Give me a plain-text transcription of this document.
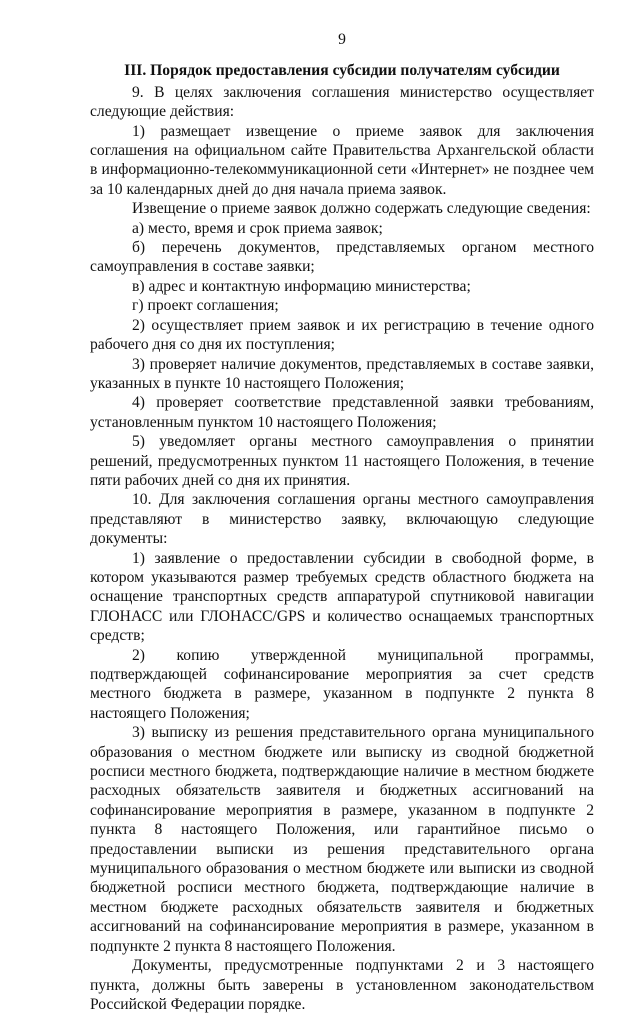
9
III. Порядок предоставления субсидии получателям субсидии

9. В целях заключения соглашения министерство осуществляет следующие действия:

1) размещает извещение о приеме заявок для заключения соглашения на официальном сайте Правительства Архангельской области в информационно-телекоммуникационной сети «Интернет» не позднее чем за 10 календарных дней до дня начала приема заявок.

Извещение о приеме заявок должно содержать следующие сведения:

а) место, время и срок приема заявок;

б) перечень документов, представляемых органом местного самоуправления в составе заявки;

в) адрес и контактную информацию министерства;

г) проект соглашения;

2) осуществляет прием заявок и их регистрацию в течение одного рабочего дня со дня их поступления;

3) проверяет наличие документов, представляемых в составе заявки, указанных в пункте 10 настоящего Положения;

4) проверяет соответствие представленной заявки требованиям, установленным пунктом 10 настоящего Положения;

5) уведомляет органы местного самоуправления о принятии решений, предусмотренных пунктом 11 настоящего Положения, в течение пяти рабочих дней со дня их принятия.

10. Для заключения соглашения органы местного самоуправления представляют в министерство заявку, включающую следующие документы:

1) заявление о предоставлении субсидии в свободной форме, в котором указываются размер требуемых средств областного бюджета на оснащение транспортных средств аппаратурой спутниковой навигации ГЛОНАСС или ГЛОНАСС/GPS и количество оснащаемых транспортных средств;

2) копию утвержденной муниципальной программы, подтверждающей софинансирование мероприятия за счет средств местного бюджета в размере, указанном в подпункте 2 пункта 8 настоящего Положения;

3) выписку из решения представительного органа муниципального образования о местном бюджете или выписку из сводной бюджетной росписи местного бюджета, подтверждающие наличие в местном бюджете расходных обязательств заявителя и бюджетных ассигнований на софинансирование мероприятия в размере, указанном в подпункте 2 пункта 8 настоящего Положения, или гарантийное письмо о предоставлении выписки из решения представительного органа муниципального образования о местном бюджете или выписки из сводной бюджетной росписи местного бюджета, подтверждающие наличие в местном бюджете расходных обязательств заявителя и бюджетных ассигнований на софинансирование мероприятия в размере, указанном в подпункте 2 пункта 8 настоящего Положения.

Документы, предусмотренные подпунктами 2 и 3 настоящего пункта, должны быть заверены в установленном законодательством Российской Федерации порядке.
